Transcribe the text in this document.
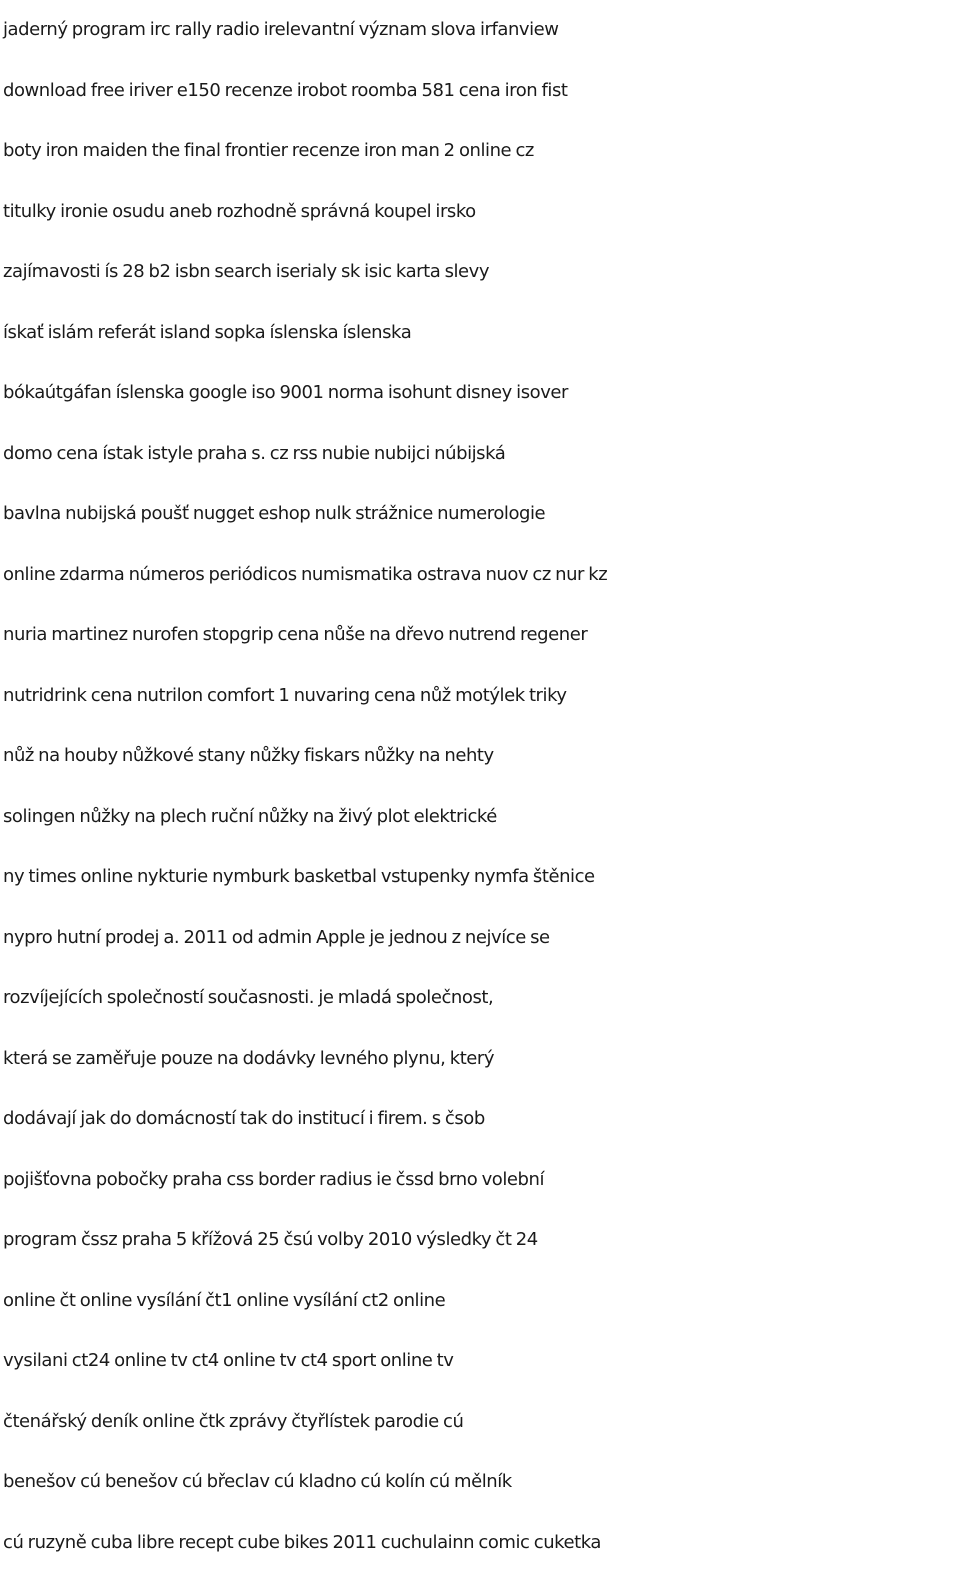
jaderný program irc rally radio irelevantní význam slova irfanview
download free iriver e150 recenze irobot roomba 581 cena iron fist
boty iron maiden the final frontier recenze iron man 2 online cz
titulky ironie osudu aneb rozhodně správná koupel irsko
zajímavosti ís 28 b2 isbn search iserialy sk isic karta slevy
ískať islám referát island sopka íslenska íslenska
bókaútgáfan íslenska google iso 9001 norma isohunt disney isover
domo cena ístak istyle praha s. cz rss nubie nubijci núbijská
bavlna nubijská poušť nugget eshop nulk strážnice numerologie
online zdarma números periódicos numismatika ostrava nuov cz nur kz
nuria martinez nurofen stopgrip cena nůše na dřevo nutrend regener
nutridrink cena nutrilon comfort 1 nuvaring cena nůž motýlek triky
nůž na houby nůžkové stany nůžky fiskars nůžky na nehty
solingen nůžky na plech ruční nůžky na živý plot elektrické
ny times online nykturie nymburk basketbal vstupenky nymfa štěnice
nypro hutní prodej a. 2011 od admin Apple je jednou z nejvíce se
rozvíjejících společností současnosti. je mladá společnost,
která se zaměřuje pouze na dodávky levného plynu, který
dodávají jak do domácností tak do institucí i firem. s čsob
pojišťovna pobočky praha css border radius ie čssd brno volební
program čssz praha 5 křížová 25 čsú volby 2010 výsledky čt 24
online čt online vysílání čt1 online vysílání ct2 online
vysilani ct24 online tv ct4 online tv ct4 sport online tv
čtenářský deník online čtk zprávy čtyřlístek parodie cú
benešov cú benešov cú břeclav cú kladno cú kolín cú mělník
cú ruzyně cuba libre recept cube bikes 2011 cuchulainn comic cuketka
